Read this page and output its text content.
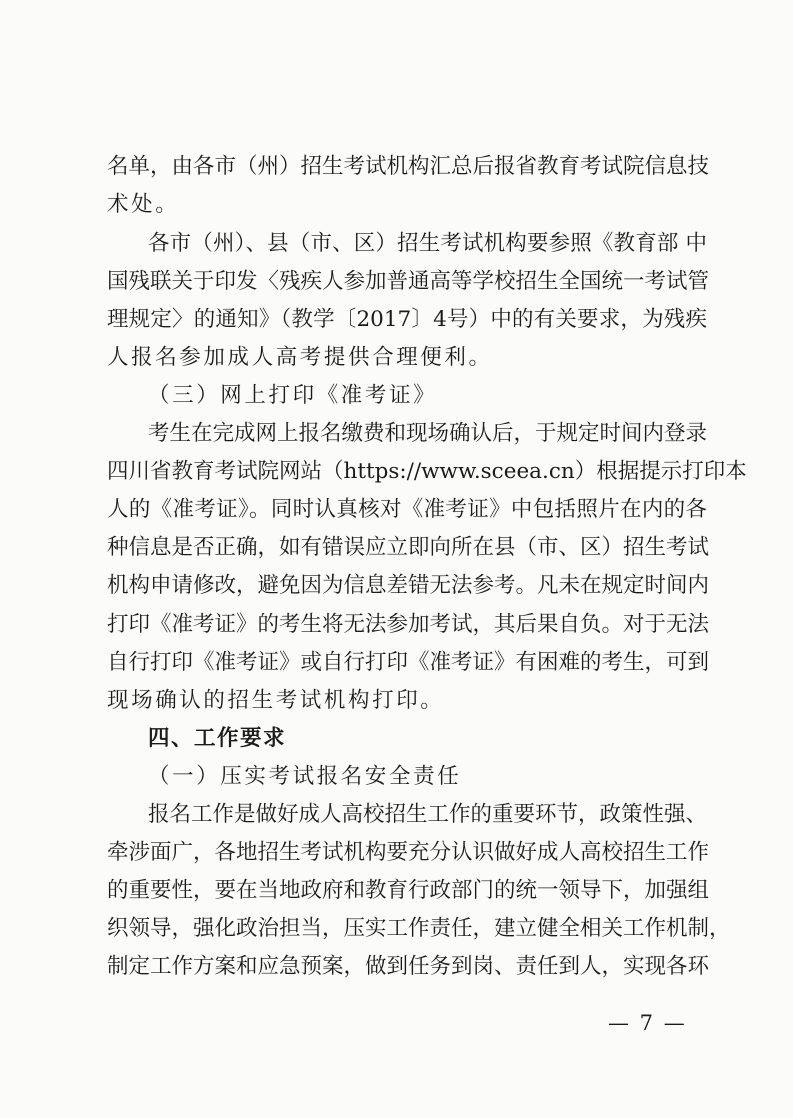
名单，由各市（州）招生考试机构汇总后报省教育考试院信息技
术处。
各市（州）、县（市、区）招生考试机构要参照《教育部 中
国残联关于印发〈残疾人参加普通高等学校招生全国统一考试管
理规定〉的通知》（教学〔2017〕4号）中的有关要求，为残疾
人报名参加成人高考提供合理便利。
（三）网上打印《准考证》
考生在完成网上报名缴费和现场确认后，于规定时间内登录
四川省教育考试院网站（https://www.sceea.cn）根据提示打印本
人的《准考证》。同时认真核对《准考证》中包括照片在内的各
种信息是否正确，如有错误应立即向所在县（市、区）招生考试
机构申请修改，避免因为信息差错无法参考。凡未在规定时间内
打印《准考证》的考生将无法参加考试，其后果自负。对于无法
自行打印《准考证》或自行打印《准考证》有困难的考生，可到
现场确认的招生考试机构打印。
四、工作要求
（一）压实考试报名安全责任
报名工作是做好成人高校招生工作的重要环节，政策性强、
牵涉面广，各地招生考试机构要充分认识做好成人高校招生工作
的重要性，要在当地政府和教育行政部门的统一领导下，加强组
织领导，强化政治担当，压实工作责任，建立健全相关工作机制，
制定工作方案和应急预案，做到任务到岗、责任到人，实现各环
— 7 —
